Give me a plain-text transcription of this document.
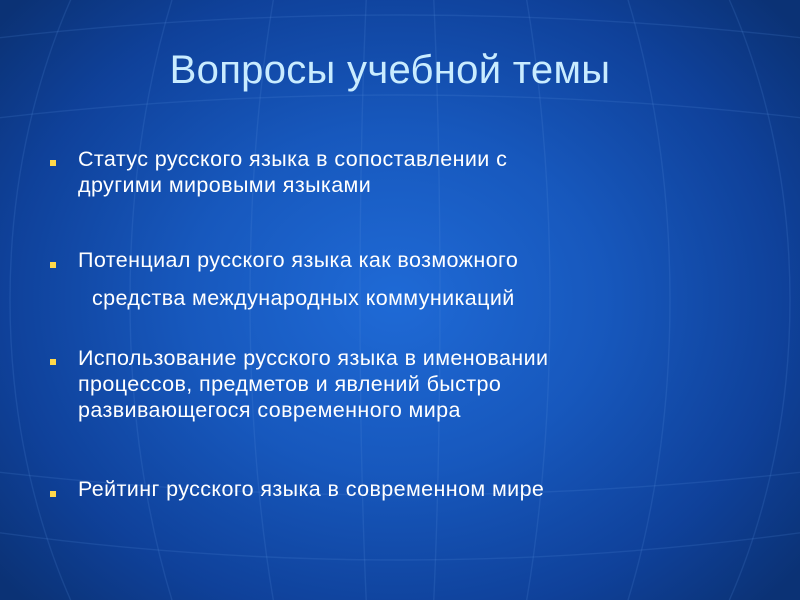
Вопросы учебной темы
Статус русского языка в сопоставлении с
другими мировыми языками
Потенциал русского языка как возможного
средства международных коммуникаций
Использование русского языка в именовании
процессов, предметов и явлений быстро
развивающегося современного мира
Рейтинг русского языка в современном мире
